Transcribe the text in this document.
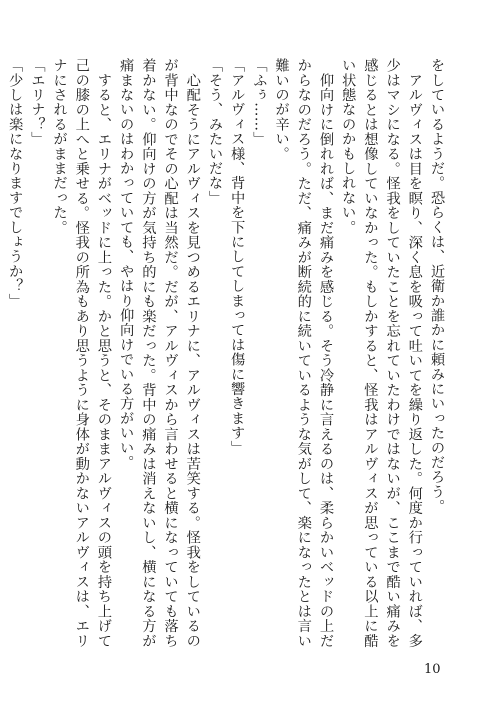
をしているようだ。恐らくは、近衛か誰かに頼みにいったのだろう。

　アルヴィスは目を瞑り、深く息を吸って吐いてを繰り返した。何度か行っていれば、多少はマシになる。怪我をしていたことを忘れていたわけではないが、ここまで酷い痛みを感じるとは想像していなかった。もしかすると、怪我はアルヴィスが思っている以上に酷い状態なのかもしれない。

　仰向けに倒れれば、まだ痛みを感じる。そう冷静に言えるのは、柔らかいベッドの上だからなのだろう。ただ、痛みが断続的に続いているような気がして、楽になったとは言い難いのが辛い。

「ふぅ……」

「アルヴィス様、背中を下にしてしまっては傷に響きます」

「そう、みたいだな」

　心配そうにアルヴィスを見つめるエリナに、アルヴィスは苦笑する。怪我をしているのが背中なのでその心配は当然だ。だが、アルヴィスから言わせると横になっていても落ち着かない。仰向けの方が気持ち的にも楽だった。背中の痛みは消えないし、横になる方が痛まないのはわかっていても、やはり仰向けでいる方がいい。

　すると、エリナがベッドに上った。かと思うと、そのままアルヴィスの頭を持ち上げて己の膝の上へと乗せる。怪我の所為もあり思うように身体が動かないアルヴィスは、エリナにされるがままだった。

「エリナ？」

「少しは楽になりますでしょうか？」

10
